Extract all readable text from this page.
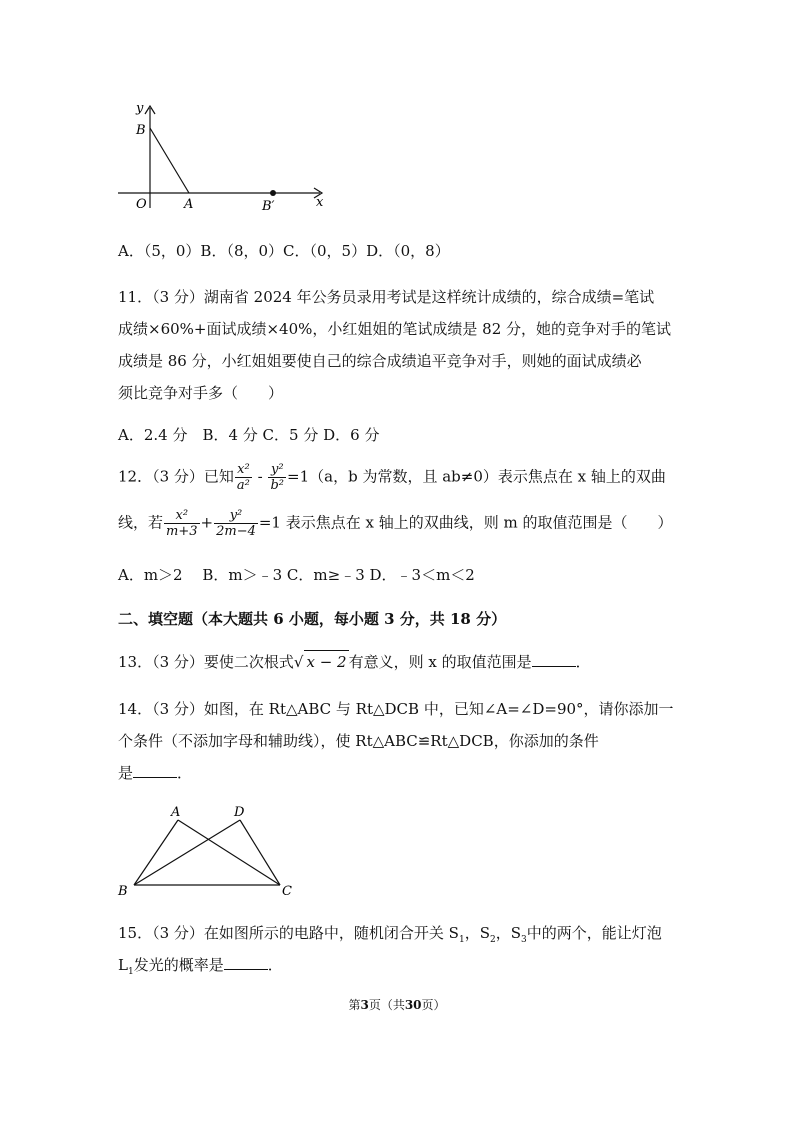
y
B
O	A	B′	x
A．（5，0）B．（8，0）C．（0，5）D．（0，8）
11．（3 分）湖南省 2024 年公务员录用考试是这样统计成绩的，综合成绩=笔试
成绩×60%+面试成绩×40%，小红姐姐的笔试成绩是 82 分，她的竞争对手的笔试
成绩是 86 分，小红姐姐要使自己的综合成绩追平竞争对手，则她的面试成绩必
须比竞争对手多（　　）
A．2.4 分　B．4 分 C．5 分 D．6 分
12．（3 分）已知 $\frac{\text{x²}}{\text{a²}} - \frac{\text{y²}}{\text{b²}} =1(a$，b 为常数，且 ab≠0）表示焦点在 x 轴上的双曲
线，若 $\frac{\text{x²}}{m+3} + \frac{\text{y²}}{2m-4} =1$ 表示焦点在 x 轴上的双曲线，则 m 的取值范围是（　　）
A．m＞2　 B．m＞﹣3 C．m≥﹣3 D．﹣3＜m＜2
二、填空题（本大题共 6 小题，每小题 3 分，共 18 分）
13．（3 分）要使二次根式√ x − 2 有意义，则 x 的取值范围是	．
14．（3 分）如图，在 Rt△ABC 与 Rt△DCB 中，已知∠A=∠D=90°，请你添加一
个条件（不添加字母和辅助线），使 Rt△ABC≌Rt△DCB，你添加的条件
是	．
A	D
B	C
15．（3 分）在如图所示的电路中，随机闭合开关 $S_1$，$S_2$，$S_3$中的两个，能让灯泡
$L_1$发光的概率是	．
第3页（共30页）
